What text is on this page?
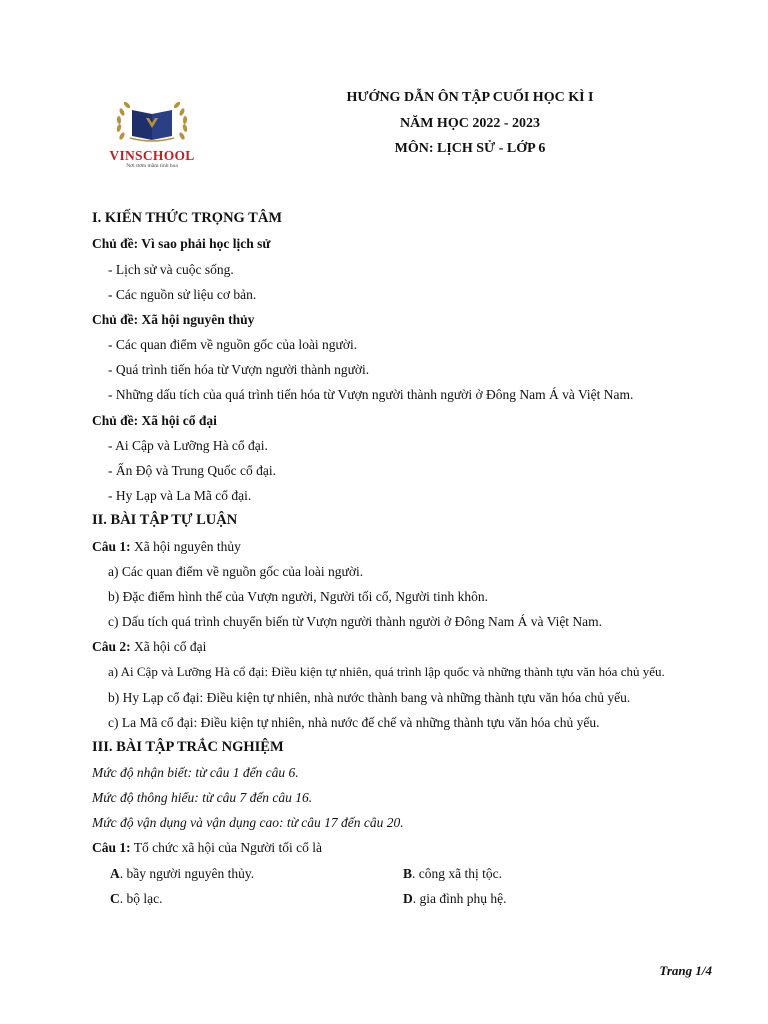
VINSCHOOL
Nơi ươm mầm tinh hoa
HƯỚNG DẪN ÔN TẬP CUỐI HỌC KÌ I
NĂM HỌC 2022 - 2023
MÔN: LỊCH SỬ - LỚP 6
I. KIẾN THỨC TRỌNG TÂM
Chủ đề: Vì sao phải học lịch sử
- Lịch sử và cuộc sống.
- Các nguồn sử liệu cơ bản.
Chủ đề: Xã hội nguyên thủy
- Các quan điểm về nguồn gốc của loài người.
- Quá trình tiến hóa từ Vượn người thành người.
- Những dấu tích của quá trình tiến hóa từ Vượn người thành người ở Đông Nam Á và Việt Nam.
Chủ đề: Xã hội cổ đại
- Ai Cập và Lưỡng Hà cổ đại.
- Ấn Độ và Trung Quốc cổ đại.
- Hy Lạp và La Mã cổ đại.
II. BÀI TẬP TỰ LUẬN
Câu 1: Xã hội nguyên thủy
a) Các quan điểm về nguồn gốc của loài người.
b) Đặc điểm hình thể của Vượn người, Người tối cổ, Người tinh khôn.
c) Dấu tích quá trình chuyển biến từ Vượn người thành người ở Đông Nam Á và Việt Nam.
Câu 2: Xã hội cổ đại
a) Ai Cập và Lưỡng Hà cổ đại: Điều kiện tự nhiên, quá trình lập quốc và những thành tựu văn hóa chủ yếu.
b) Hy Lạp cổ đại: Điều kiện tự nhiên, nhà nước thành bang và những thành tựu văn hóa chủ yếu.
c) La Mã cổ đại: Điều kiện tự nhiên, nhà nước đế chế và những thành tựu văn hóa chủ yếu.
III. BÀI TẬP TRẮC NGHIỆM
Mức độ nhận biết: từ câu 1 đến câu 6.
Mức độ thông hiểu: từ câu 7 đến câu 16.
Mức độ vận dụng và vận dụng cao: từ câu 17 đến câu 20.
Câu 1: Tổ chức xã hội của Người tối cổ là
A. bầy người nguyên thủy.	B. công xã thị tộc.
C. bộ lạc.	D. gia đình phụ hệ.
Trang 1/4
